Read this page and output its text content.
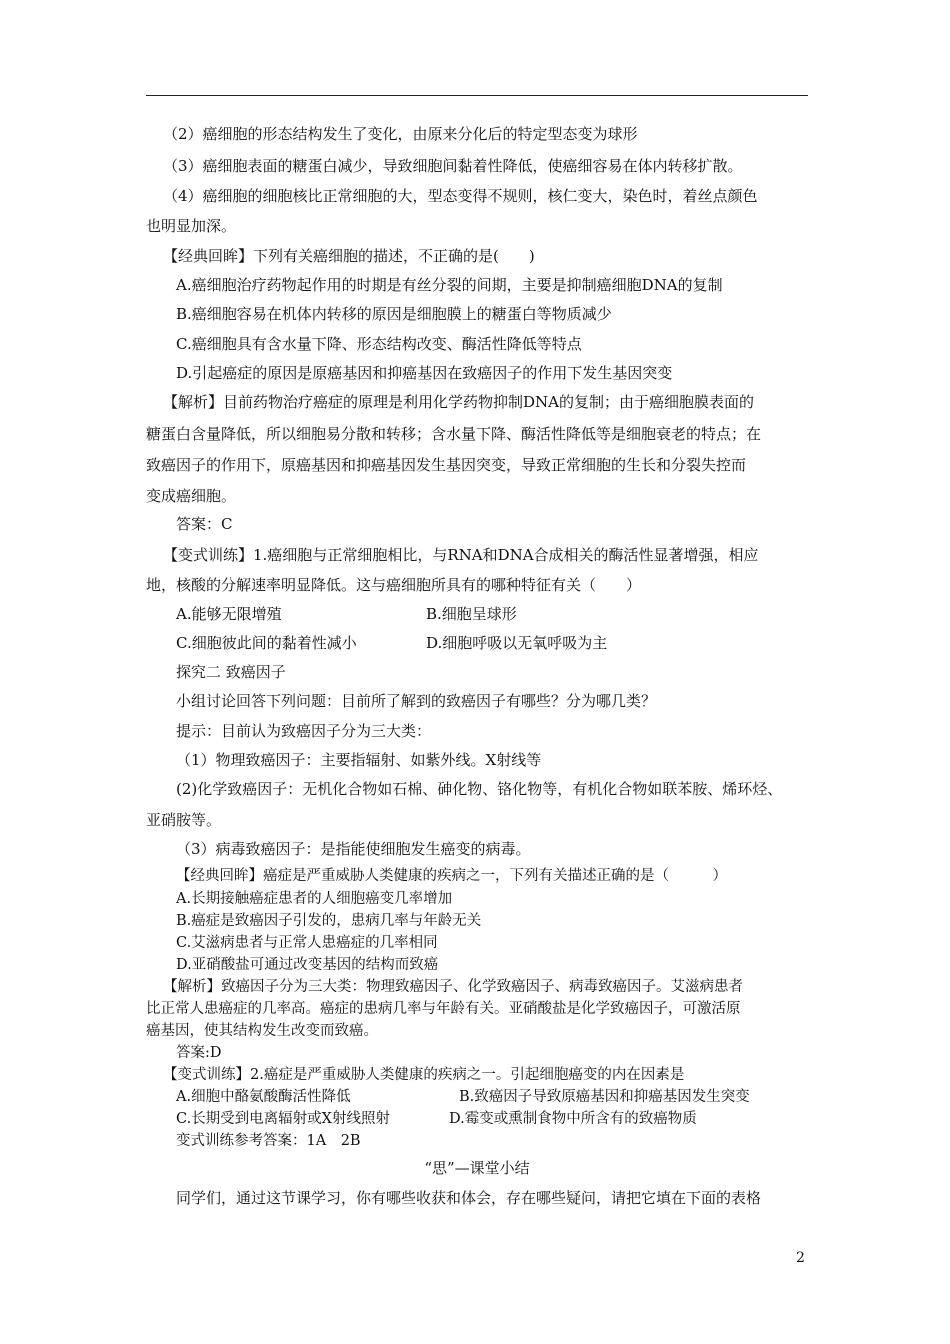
（2）癌细胞的形态结构发生了变化，由原来分化后的特定型态变为球形
（3）癌细胞表面的糖蛋白减少，导致细胞间黏着性降低，使癌细容易在体内转移扩散。
（4）癌细胞的细胞核比正常细胞的大，型态变得不规则，核仁变大，染色时，着丝点颜色
也明显加深。
【经典回眸】下列有关癌细胞的描述，不正确的是(　　)
A.癌细胞治疗药物起作用的时期是有丝分裂的间期，主要是抑制癌细胞DNA的复制
B.癌细胞容易在机体内转移的原因是细胞膜上的糖蛋白等物质减少
C.癌细胞具有含水量下降、形态结构改变、酶活性降低等特点
D.引起癌症的原因是原癌基因和抑癌基因在致癌因子的作用下发生基因突变
【解析】目前药物治疗癌症的原理是利用化学药物抑制DNA的复制；由于癌细胞膜表面的
糖蛋白含量降低，所以细胞易分散和转移；含水量下降、酶活性降低等是细胞衰老的特点；在
致癌因子的作用下，原癌基因和抑癌基因发生基因突变，导致正常细胞的生长和分裂失控而
变成癌细胞。
答案：C
【变式训练】1.癌细胞与正常细胞相比，与RNA和DNA合成相关的酶活性显著增强，相应
地，核酸的分解速率明显降低。这与癌细胞所具有的哪种特征有关（　　）
A.能够无限增殖	B.细胞呈球形
C.细胞彼此间的黏着性减小	D.细胞呼吸以无氧呼吸为主
探究二 致癌因子
小组讨论回答下列问题：目前所了解到的致癌因子有哪些？分为哪几类？
提示：目前认为致癌因子分为三大类：
（1）物理致癌因子：主要指辐射、如紫外线。X射线等
(2)化学致癌因子：无机化合物如石棉、砷化物、铬化物等，有机化合物如联苯胺、烯环烃、
亚硝胺等。
（3）病毒致癌因子：是指能使细胞发生癌变的病毒。
【经典回眸】癌症是严重威胁人类健康的疾病之一，下列有关描述正确的是（　　　）
A.长期接触癌症患者的人细胞癌变几率增加
B.癌症是致癌因子引发的，患病几率与年龄无关
C.艾滋病患者与正常人患癌症的几率相同
D.亚硝酸盐可通过改变基因的结构而致癌
【解析】致癌因子分为三大类：物理致癌因子、化学致癌因子、病毒致癌因子。艾滋病患者
比正常人患癌症的几率高。癌症的患病几率与年龄有关。亚硝酸盐是化学致癌因子，可激活原
癌基因，使其结构发生改变而致癌。
答案:D
【变式训练】2.癌症是严重威胁人类健康的疾病之一。引起细胞癌变的内在因素是
A.细胞中酪氨酸酶活性降低	B.致癌因子导致原癌基因和抑癌基因发生突变
C.长期受到电离辐射或X射线照射	D.霉变或熏制食物中所含有的致癌物质
变式训练参考答案：1A　2B
“思”—课堂小结
同学们，通过这节课学习，你有哪些收获和体会，存在哪些疑问，请把它填在下面的表格
2
